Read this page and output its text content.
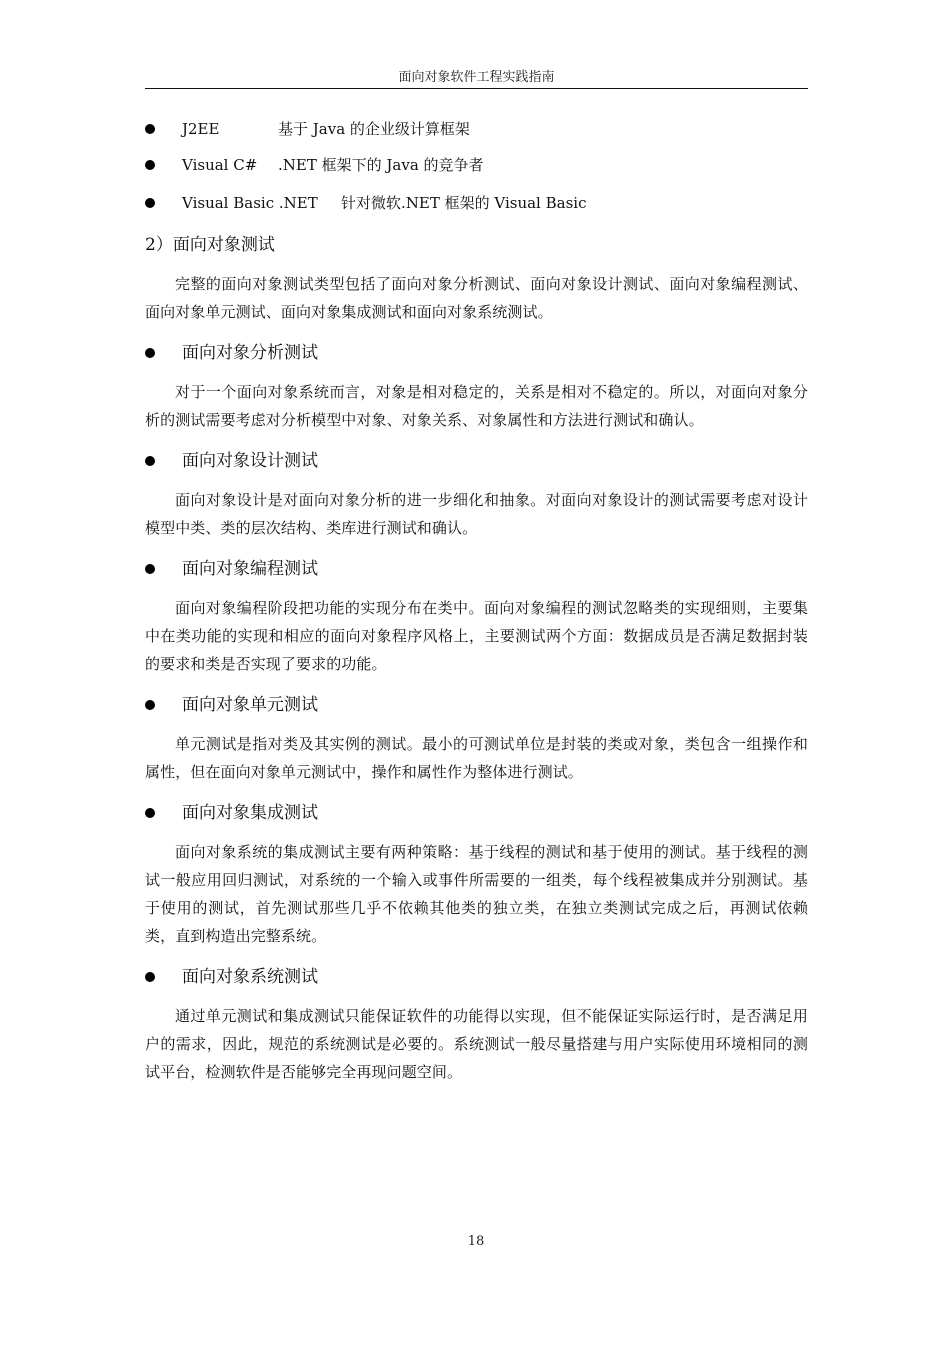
面向对象软件工程实践指南
J2EE	基于 Java 的企业级计算框架
Visual C# .NET 框架下的 Java 的竞争者
Visual Basic .NET 针对微软.NET 框架的 Visual Basic
2）面向对象测试

完整的面向对象测试类型包括了面向对象分析测试、面向对象设计测试、面向对象编程测试、面向对象单元测试、面向对象集成测试和面向对象系统测试。

面向对象分析测试

对于一个面向对象系统而言，对象是相对稳定的，关系是相对不稳定的。所以，对面向对象分析的测试需要考虑对分析模型中对象、对象关系、对象属性和方法进行测试和确认。

面向对象设计测试

面向对象设计是对面向对象分析的进一步细化和抽象。对面向对象设计的测试需要考虑对设计模型中类、类的层次结构、类库进行测试和确认。

面向对象编程测试

面向对象编程阶段把功能的实现分布在类中。面向对象编程的测试忽略类的实现细则，主要集中在类功能的实现和相应的面向对象程序风格上，主要测试两个方面：数据成员是否满足数据封装的要求和类是否实现了要求的功能。

面向对象单元测试

单元测试是指对类及其实例的测试。最小的可测试单位是封装的类或对象，类包含一组操作和属性，但在面向对象单元测试中，操作和属性作为整体进行测试。

面向对象集成测试

面向对象系统的集成测试主要有两种策略：基于线程的测试和基于使用的测试。基于线程的测试一般应用回归测试，对系统的一个输入或事件所需要的一组类，每个线程被集成并分别测试。基于使用的测试，首先测试那些几乎不依赖其他类的独立类，在独立类测试完成之后，再测试依赖类，直到构造出完整系统。

面向对象系统测试

通过单元测试和集成测试只能保证软件的功能得以实现，但不能保证实际运行时，是否满足用户的需求，因此，规范的系统测试是必要的。系统测试一般尽量搭建与用户实际使用环境相同的测试平台，检测软件是否能够完全再现问题空间。

18
